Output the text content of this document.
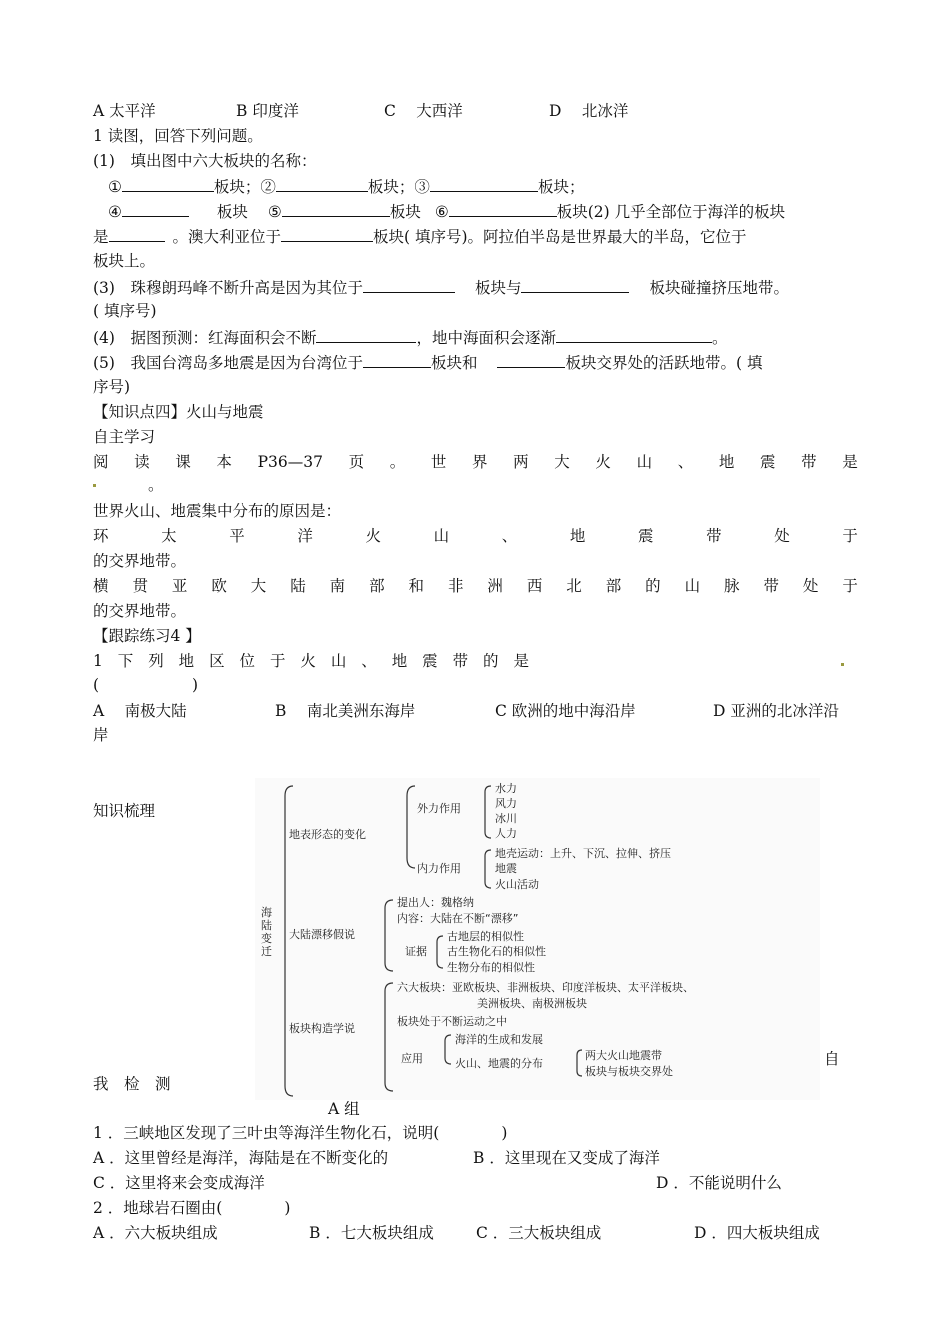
A 太平洋	B 印度洋	C　 大西洋	D　 北冰洋
1 读图，回答下列问题。
(1)　填出图中六大板块的名称：
①	板块；②	板块；③	板块；
④	板块 ⑤	板块 ⑥	板块(2) 几乎全部位于海洋的板块
是	。澳大利亚位于	板块( 填序号)。阿拉伯半岛是世界最大的半岛，它位于
板块上。
(3)　珠穆朗玛峰不断升高是因为其位于	板块与	板块碰撞挤压地带。
( 填序号)
(4)　据图预测：红海面积会不断	，地中海面积会逐渐	。
(5)　我国台湾岛多地震是因为台湾位于	板块和	板块交界处的活跃地带。( 填
序号)
【知识点四】火山与地震
自主学习
阅 读 课 本 P36—37 页 。 世 界 两 大 火 山 、 地 震 带 是
。
世界火山、地震集中分布的原因是：
环	太	平	洋	火	山	、	地	震	带	处	于
的交界地带。
横 贯 亚 欧 大 陆 南 部 和 非 洲 西 北 部 的 山 脉 带 处 于
的交界地带。
【跟踪练习4 】
1 下 列 地 区 位 于 火 山 、 地 震 带 的 是
(　　　　　　)
A　 南极大陆	B　 南北美洲东海岸	C 欧洲的地中海沿岸	D 亚洲的北冰洋沿
岸
知识梳理
海
陆
变
迁
地表形态的变化
外力作用
水力
风力
冰川
人力
内力作用
地壳运动：上升、下沉、拉伸、挤压
地震
火山活动
大陆漂移假说
提出人：魏格纳
内容：大陆在不断“漂移”
证据
古地层的相似性
古生物化石的相似性
生物分布的相似性
板块构造学说
六大板块：亚欧板块、非洲板块、印度洋板块、太平洋板块、
美洲板块、南极洲板块
板块处于不断运动之中
应用
海洋的生成和发展
火山、地震的分布
两大火山地震带
板块与板块交界处
自
我　检　测
A 组
1 ．三峡地区发现了三叶虫等海洋生物化石，说明(　　　　)
A ．这里曾经是海洋，海陆是在不断变化的	B ．这里现在又变成了海洋
C ．这里将来会变成海洋	D ．不能说明什么
2 ．地球岩石圈由(　　　　)
A ．六大板块组成	B ．七大板块组成	C ．三大板块组成	D ．四大板块组成
